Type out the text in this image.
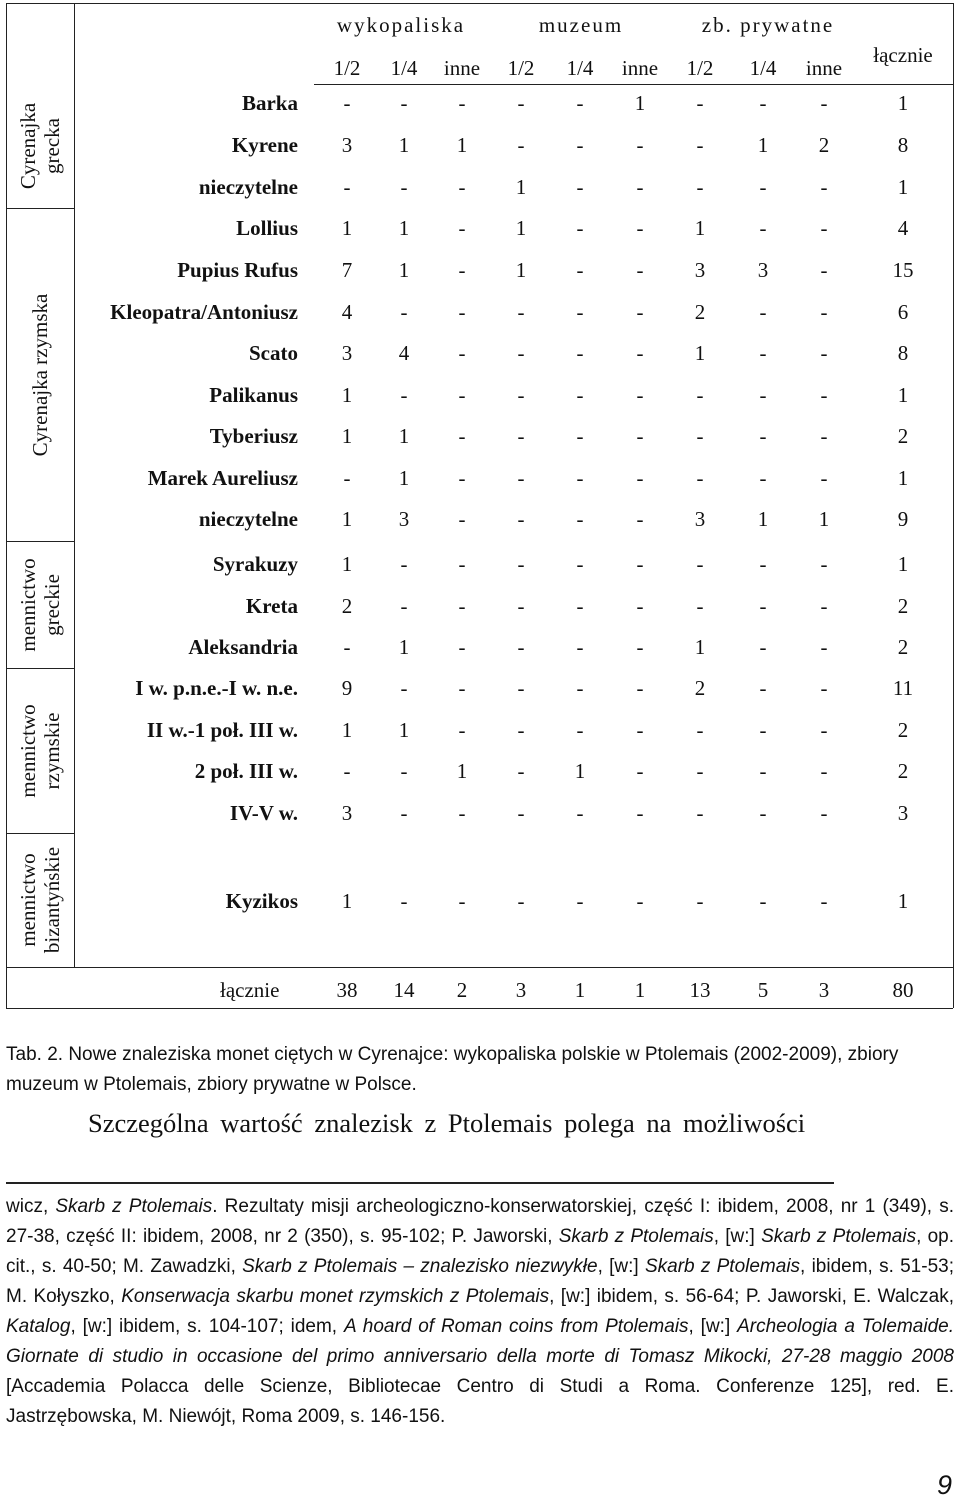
wykopaliska	muzeum	zb. prywatne
1/2	1/4	inne	1/2	1/4	inne	1/2	1/4	inne
łącznie
Cyrenajka grecka
Barka	-	-	-	-	-	1	-	-	-	1
Kyrene	3	1	1	-	-	-	-	1	2	8
nieczytelne	-	-	-	1	-	-	-	-	-	1
Cyrenajka rzymska
Lollius	1	1	-	1	-	-	1	-	-	4
Pupius Rufus	7	1	-	1	-	-	3	3	-	15
Kleopatra/Antoniusz	4	-	-	-	-	-	2	-	-	6
Scato	3	4	-	-	-	-	1	-	-	8
Palikanus	1	-	-	-	-	-	-	-	-	1
Tyberiusz	1	1	-	-	-	-	-	-	-	2
Marek Aureliusz	-	1	-	-	-	-	-	-	-	1
nieczytelne	1	3	-	-	-	-	3	1	1	9
mennictwo greckie
Syrakuzy	1	-	-	-	-	-	-	-	-	1
Kreta	2	-	-	-	-	-	-	-	-	2
Aleksandria	-	1	-	-	-	-	1	-	-	2
mennictwo rzymskie
I w. p.n.e.-I w. n.e.	9	-	-	-	-	-	2	-	-	11
II w.-1 poł. III w.	1	1	-	-	-	-	-	-	-	2
2 poł. III w.	-	-	1	-	1	-	-	-	-	2
IV-V w.	3	-	-	-	-	-	-	-	-	3
mennictwo bizantyńskie	Kyzikos	1	-	-	-	-	-	-	-	-	1
łącznie	38	14	2	3	1	1	13	5	3	80

Tab. 2. Nowe znaleziska monet ciętych w Cyrenajce: wykopaliska polskie w Ptolemais (2002-2009), zbiory muzeum w Ptolemais, zbiory prywatne w Polsce.

Szczególna wartość znalezisk z Ptolemais polega na możliwości

wicz, Skarb z Ptolemais. Rezultaty misji archeologiczno-konserwatorskiej, część I: ibidem, 2008, nr 1 (349), s. 27-38, część II: ibidem, 2008, nr 2 (350), s. 95-102; P. Jaworski, Skarb z Ptolemais, [w:] Skarb z Ptolemais, op. cit., s. 40-50; M. Zawadzki, Skarb z Ptolemais – znalezisko niezwykłe, [w:] Skarb z Ptolemais, ibidem, s. 51-53; M. Kołyszko, Konserwacja skarbu monet rzymskich z Ptolemais, [w:] ibidem, s. 56-64; P. Jaworski, E. Walczak, Katalog, [w:] ibidem, s. 104-107; idem, A hoard of Roman coins from Ptolemais, [w:] Archeologia a Tolemaide. Giornate di studio in occasione del primo anniversario della morte di Tomasz Mikocki, 27-28 maggio 2008 [Accademia Polacca delle Scienze, Bibliotecae Centro di Studi a Roma. Conferenze 125], red. E. Jastrzębowska, M. Niewójt, Roma 2009, s. 146-156.

9
